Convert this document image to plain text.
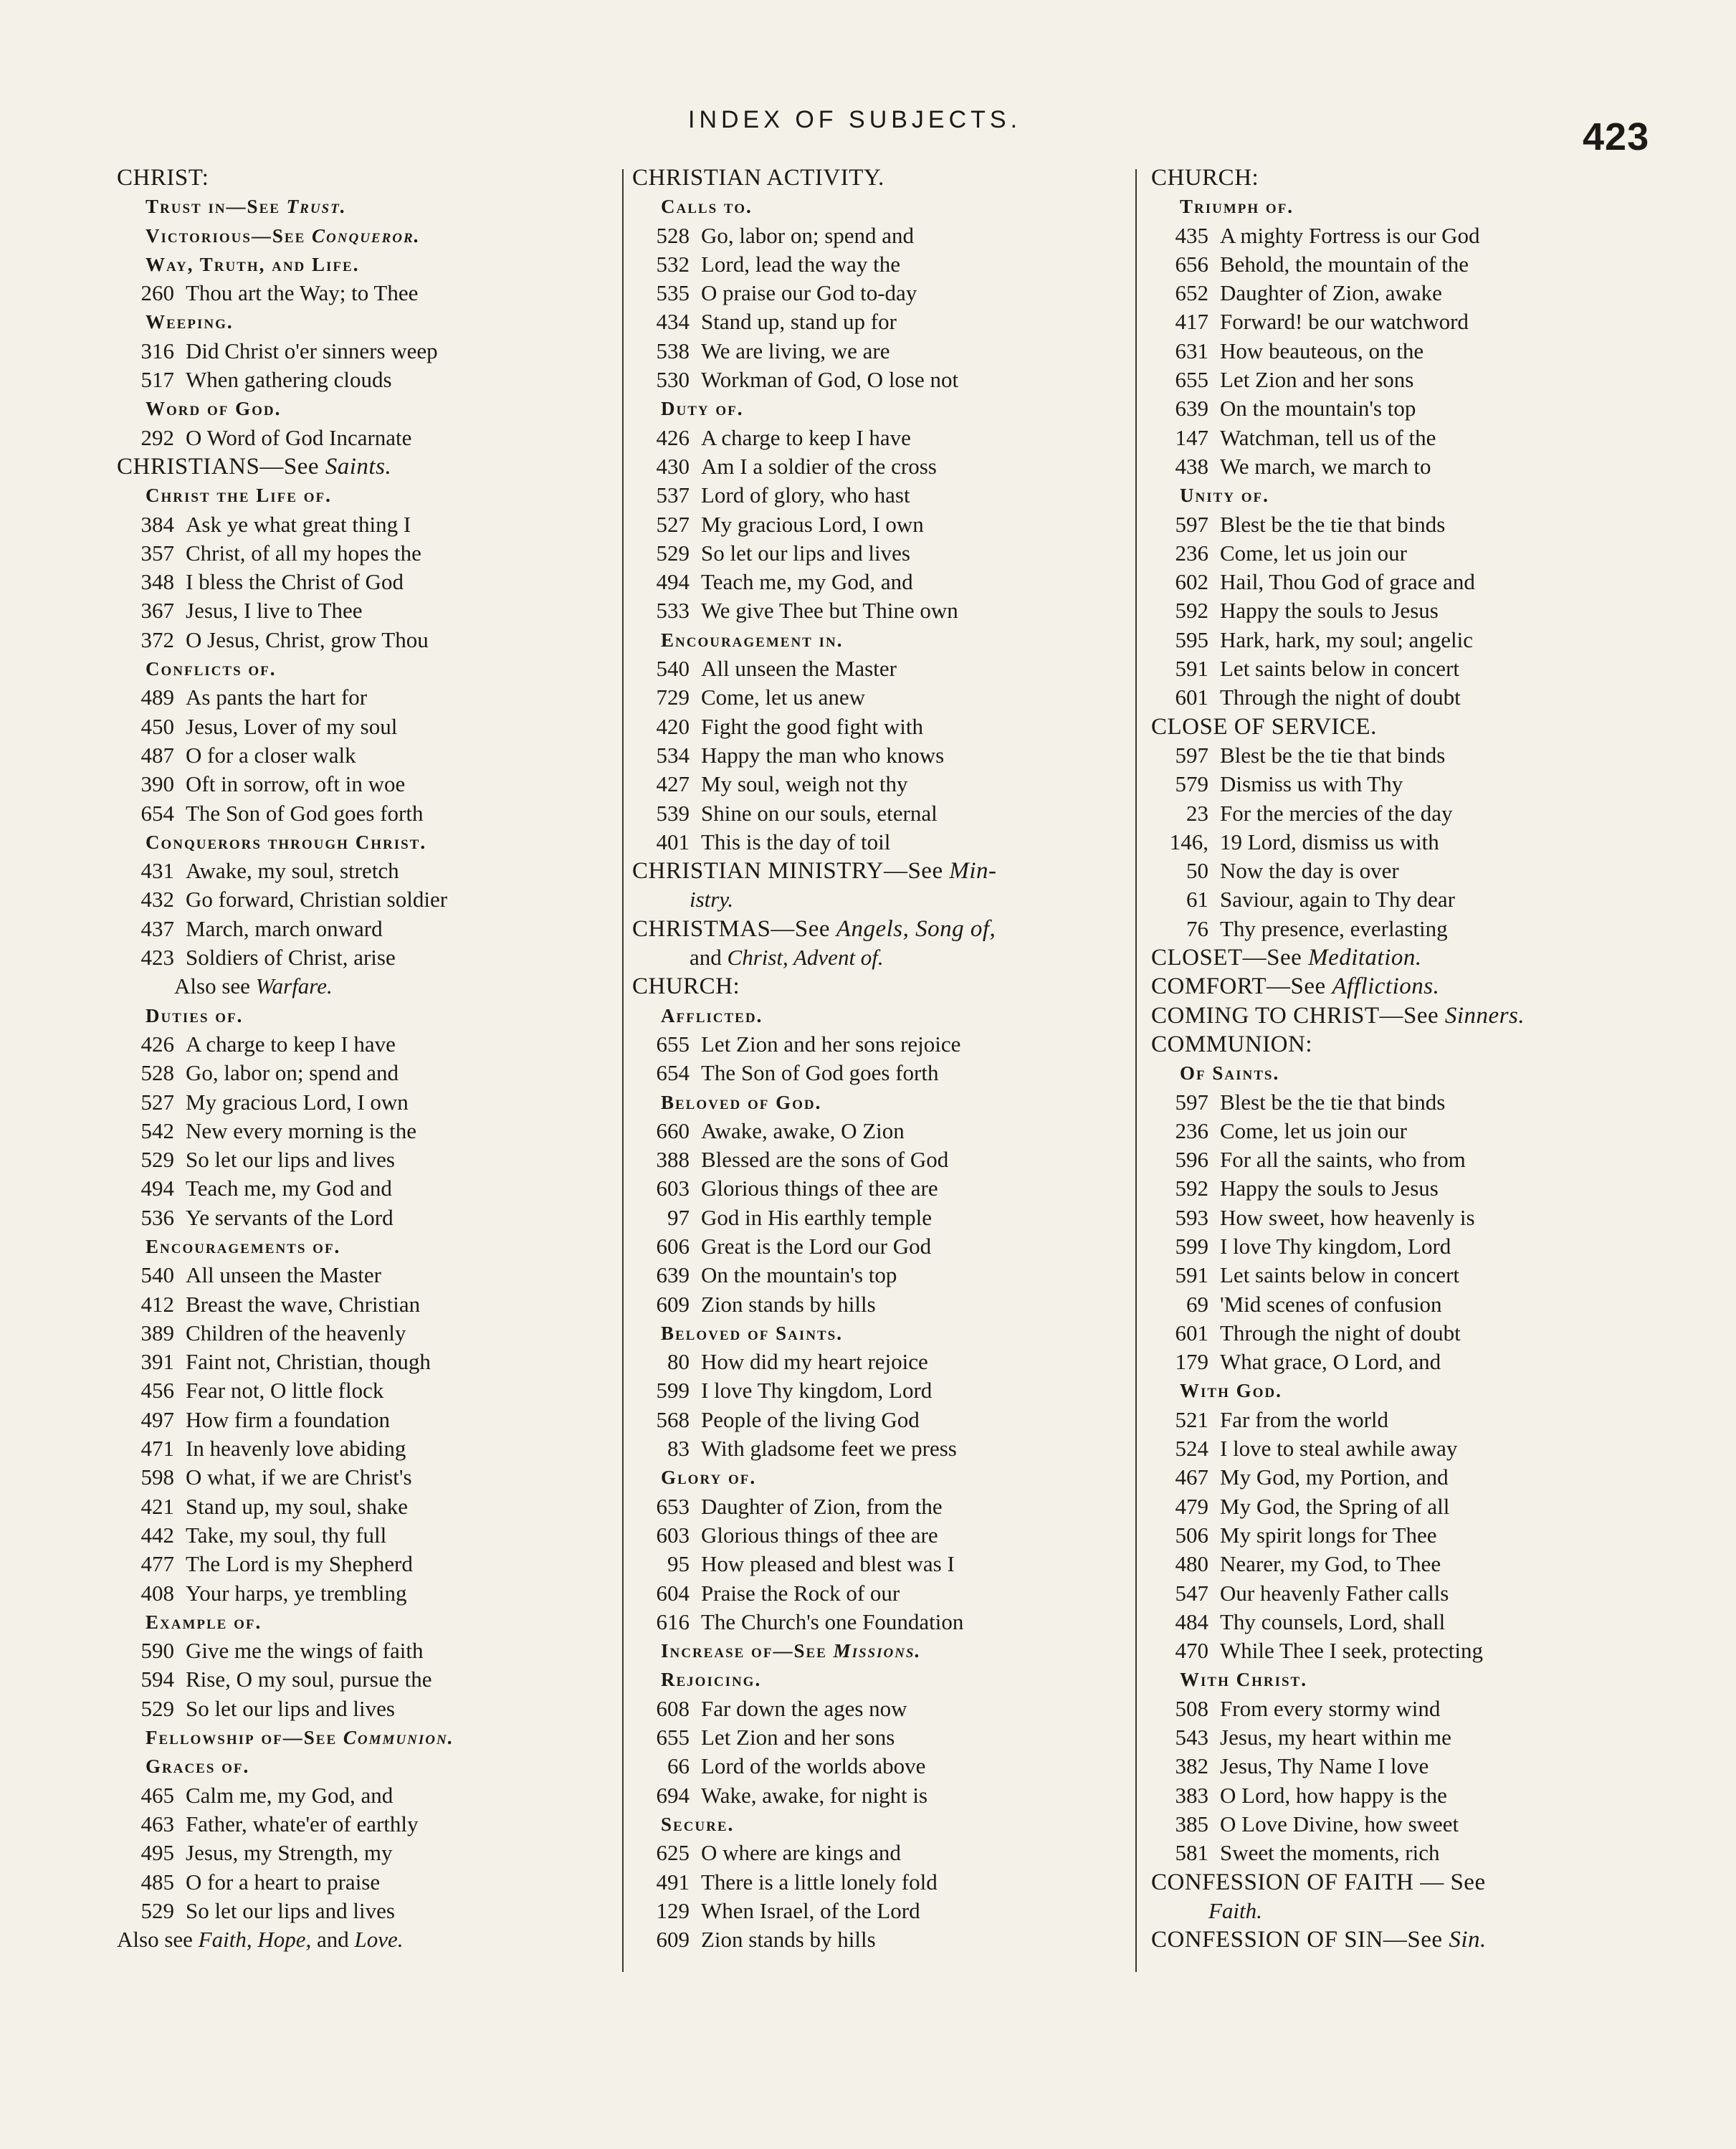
INDEX OF SUBJECTS.	423
CHRIST:
Trust in—See Trust.
Victorious—See Conqueror.
Way, Truth, and Life.
260 Thou art the Way; to Thee
Weeping.
316 Did Christ o'er sinners weep
517 When gathering clouds
Word of God.
292 O Word of God Incarnate
CHRISTIANS—See Saints.
Christ the Life of.
384 Ask ye what great thing I
357 Christ, of all my hopes the
348 I bless the Christ of God
367 Jesus, I live to Thee
372 O Jesus, Christ, grow Thou
Conflicts of.
489 As pants the hart for
450 Jesus, Lover of my soul
487 O for a closer walk
390 Oft in sorrow, oft in woe
654 The Son of God goes forth
Conquerors through Christ.
431 Awake, my soul, stretch
432 Go forward, Christian soldier
437 March, march onward
423 Soldiers of Christ, arise
Also see Warfare.
Duties of.
426 A charge to keep I have
528 Go, labor on; spend and
527 My gracious Lord, I own
542 New every morning is the
529 So let our lips and lives
494 Teach me, my God and
536 Ye servants of the Lord
Encouragements of.
540 All unseen the Master
412 Breast the wave, Christian
389 Children of the heavenly
391 Faint not, Christian, though
456 Fear not, O little flock
497 How firm a foundation
471 In heavenly love abiding
598 O what, if we are Christ's
421 Stand up, my soul, shake
442 Take, my soul, thy full
477 The Lord is my Shepherd
408 Your harps, ye trembling
Example of.
590 Give me the wings of faith
594 Rise, O my soul, pursue the
529 So let our lips and lives
Fellowship of—See Communion.
Graces of.
465 Calm me, my God, and
463 Father, whate'er of earthly
495 Jesus, my Strength, my
485 O for a heart to praise
529 So let our lips and lives
Also see Faith, Hope, and Love.
CHRISTIAN ACTIVITY.
Calls to.
528 Go, labor on; spend and
532 Lord, lead the way the
535 O praise our God to-day
434 Stand up, stand up for
538 We are living, we are
530 Workman of God, O lose not
Duty of.
426 A charge to keep I have
430 Am I a soldier of the cross
537 Lord of glory, who hast
527 My gracious Lord, I own
529 So let our lips and lives
494 Teach me, my God, and
533 We give Thee but Thine own
Encouragement in.
540 All unseen the Master
729 Come, let us anew
420 Fight the good fight with
534 Happy the man who knows
427 My soul, weigh not thy
539 Shine on our souls, eternal
401 This is the day of toil
CHRISTIAN MINISTRY—See Min-
istry.
CHRISTMAS—See Angels, Song of,
and Christ, Advent of.
CHURCH:
Afflicted.
655 Let Zion and her sons rejoice
654 The Son of God goes forth
Beloved of God.
660 Awake, awake, O Zion
388 Blessed are the sons of God
603 Glorious things of thee are
97 God in His earthly temple
606 Great is the Lord our God
639 On the mountain's top
609 Zion stands by hills
Beloved of Saints.
80 How did my heart rejoice
599 I love Thy kingdom, Lord
568 People of the living God
83 With gladsome feet we press
Glory of.
653 Daughter of Zion, from the
603 Glorious things of thee are
95 How pleased and blest was I
604 Praise the Rock of our
616 The Church's one Foundation
Increase of—See Missions.
Rejoicing.
608 Far down the ages now
655 Let Zion and her sons
66 Lord of the worlds above
694 Wake, awake, for night is
Secure.
625 O where are kings and
491 There is a little lonely fold
129 When Israel, of the Lord
609 Zion stands by hills
CHURCH:
Triumph of.
435 A mighty Fortress is our God
656 Behold, the mountain of the
652 Daughter of Zion, awake
417 Forward! be our watchword
631 How beauteous, on the
655 Let Zion and her sons
639 On the mountain's top
147 Watchman, tell us of the
438 We march, we march to
Unity of.
597 Blest be the tie that binds
236 Come, let us join our
602 Hail, Thou God of grace and
592 Happy the souls to Jesus
595 Hark, hark, my soul; angelic
591 Let saints below in concert
601 Through the night of doubt
CLOSE OF SERVICE.
597 Blest be the tie that binds
579 Dismiss us with Thy
23 For the mercies of the day
146, 19 Lord, dismiss us with
50 Now the day is over
61 Saviour, again to Thy dear
76 Thy presence, everlasting
CLOSET—See Meditation.
COMFORT—See Afflictions.
COMING TO CHRIST—See Sinners.
COMMUNION:
Of Saints.
597 Blest be the tie that binds
236 Come, let us join our
596 For all the saints, who from
592 Happy the souls to Jesus
593 How sweet, how heavenly is
599 I love Thy kingdom, Lord
591 Let saints below in concert
69 'Mid scenes of confusion
601 Through the night of doubt
179 What grace, O Lord, and
With God.
521 Far from the world
524 I love to steal awhile away
467 My God, my Portion, and
479 My God, the Spring of all
506 My spirit longs for Thee
480 Nearer, my God, to Thee
547 Our heavenly Father calls
484 Thy counsels, Lord, shall
470 While Thee I seek, protecting
With Christ.
508 From every stormy wind
543 Jesus, my heart within me
382 Jesus, Thy Name I love
383 O Lord, how happy is the
385 O Love Divine, how sweet
581 Sweet the moments, rich
CONFESSION OF FAITH — See
Faith.
CONFESSION OF SIN—See Sin.
